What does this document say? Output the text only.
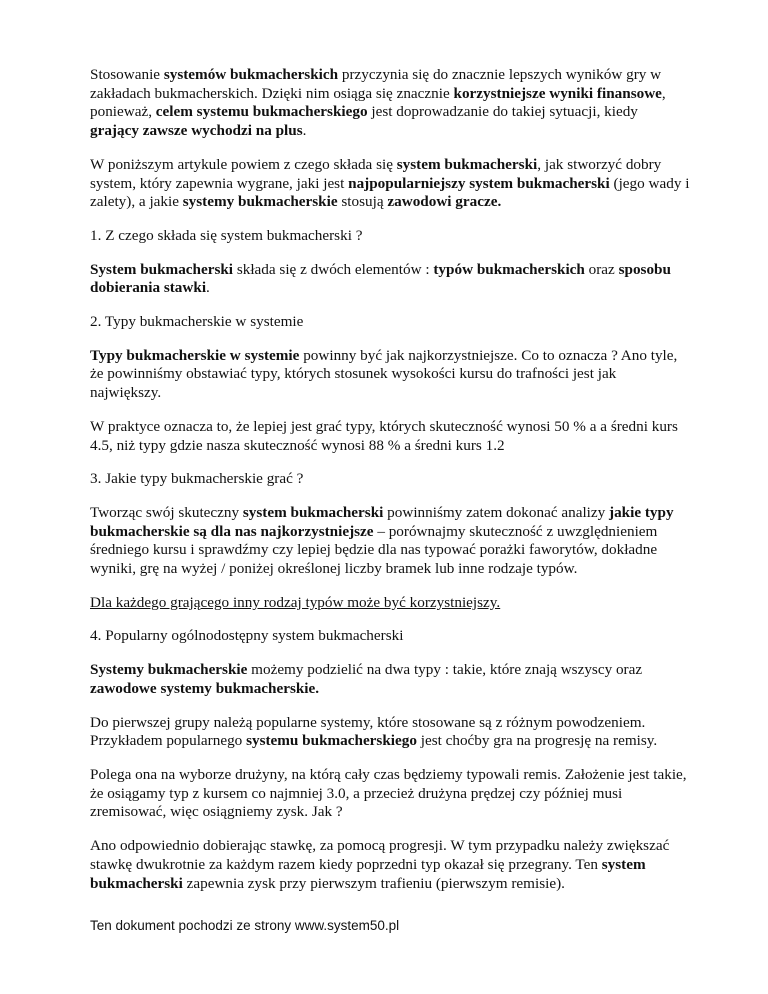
Stosowanie systemów bukmacherskich przyczynia się do znacznie lepszych wyników gry w zakładach bukmacherskich. Dzięki nim osiąga się znacznie korzystniejsze wyniki finansowe, ponieważ, celem systemu bukmacherskiego jest doprowadzanie do takiej sytuacji, kiedy grający zawsze wychodzi na plus.

W poniższym artykule powiem z czego składa się system bukmacherski, jak stworzyć dobry system, który zapewnia wygrane, jaki jest najpopularniejszy system bukmacherski (jego wady i zalety), a jakie systemy bukmacherskie stosują zawodowi gracze.

1. Z czego składa się system bukmacherski ?

System bukmacherski składa się z dwóch elementów : typów bukmacherskich oraz sposobu dobierania stawki.

2. Typy bukmacherskie w systemie

Typy bukmacherskie w systemie powinny być jak najkorzystniejsze. Co to oznacza ? Ano tyle, że powinniśmy obstawiać typy, których stosunek wysokości kursu do trafności jest jak największy.

W praktyce oznacza to, że lepiej jest grać typy, których skuteczność wynosi 50 % a a średni kurs 4.5, niż typy gdzie nasza skuteczność wynosi 88 % a średni kurs 1.2

3. Jakie typy bukmacherskie grać ?

Tworząc swój skuteczny system bukmacherski powinniśmy zatem dokonać analizy jakie typy bukmacherskie są dla nas najkorzystniejsze – porównajmy skuteczność z uwzględnieniem średniego kursu i sprawdźmy czy lepiej będzie dla nas typować porażki faworytów, dokładne wyniki, grę na wyżej / poniżej określonej liczby bramek lub inne rodzaje typów.

Dla każdego grającego inny rodzaj typów może być korzystniejszy.

4. Popularny ogólnodostępny system bukmacherski

Systemy bukmacherskie możemy podzielić na dwa typy : takie, które znają wszyscy oraz zawodowe systemy bukmacherskie.

Do pierwszej grupy należą popularne systemy, które stosowane są z różnym powodzeniem. Przykładem popularnego systemu bukmacherskiego jest choćby gra na progresję na remisy.

Polega ona na wyborze drużyny, na którą cały czas będziemy typowali remis. Założenie jest takie, że osiągamy typ z kursem co najmniej 3.0, a przecież drużyna prędzej czy później musi zremisować, więc osiągniemy zysk. Jak ?

Ano odpowiednio dobierając stawkę, za pomocą progresji. W tym przypadku należy zwiększać stawkę dwukrotnie za każdym razem kiedy poprzedni typ okazał się przegrany. Ten system bukmacherski zapewnia zysk przy pierwszym trafieniu (pierwszym remisie).

Ten dokument pochodzi ze strony www.system50.pl
